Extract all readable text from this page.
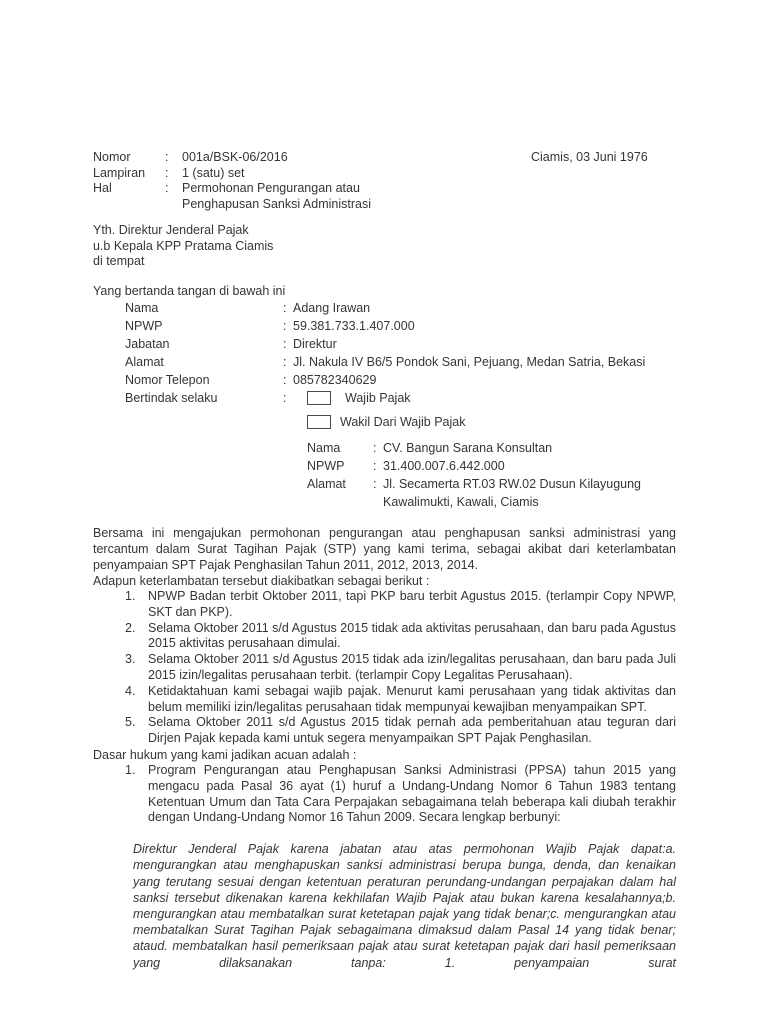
Ciamis, 03 Juni 1976
Nomor	:	001a/BSK-06/2016
Lampiran	:	1 (satu) set
Hal	:	Permohonan Pengurangan atau
Penghapusan Sanksi Administrasi
Yth. Direktur Jenderal Pajak
u.b Kepala KPP Pratama Ciamis
di tempat
Yang bertanda tangan di bawah ini
Nama	: Adang Irawan
NPWP	: 59.381.733.1.407.000
Jabatan	: Direktur
Alamat	: Jl. Nakula IV B6/5 Pondok Sani, Pejuang, Medan Satria, Bekasi
Nomor Telepon	: 085782340629
Bertindak selaku	:	Wajib Pajak
Wakil Dari Wajib Pajak
Nama	: CV. Bangun Sarana Konsultan
NPWP	: 31.400.007.6.442.000
Alamat	: Jl. Secamerta RT.03 RW.02 Dusun Kilayugung
Kawalimukti, Kawali, Ciamis
Bersama ini mengajukan permohonan pengurangan atau penghapusan sanksi administrasi yang tercantum dalam Surat Tagihan Pajak (STP) yang kami terima, sebagai akibat dari keterlambatan penyampaian SPT Pajak Penghasilan Tahun 2011, 2012, 2013, 2014.
Adapun keterlambatan tersebut diakibatkan sebagai berikut :
1.	NPWP Badan terbit Oktober 2011, tapi PKP baru terbit Agustus 2015. (terlampir Copy NPWP, SKT dan PKP).
2.	Selama Oktober 2011 s/d Agustus 2015 tidak ada aktivitas perusahaan, dan baru pada Agustus 2015 aktivitas perusahaan dimulai.
3.	Selama Oktober 2011 s/d Agustus 2015 tidak ada izin/legalitas perusahaan, dan baru pada Juli 2015 izin/legalitas perusahaan terbit. (terlampir Copy Legalitas Perusahaan).
4.	Ketidaktahuan kami sebagai wajib pajak. Menurut kami perusahaan yang tidak aktivitas dan belum memiliki izin/legalitas perusahaan tidak mempunyai kewajiban menyampaikan SPT.
5.	Selama Oktober 2011 s/d Agustus 2015 tidak pernah ada pemberitahuan atau teguran dari Dirjen Pajak kepada kami untuk segera menyampaikan SPT Pajak Penghasilan.
Dasar hukum yang kami jadikan acuan adalah :
1.	Program Pengurangan atau Penghapusan Sanksi Administrasi (PPSA) tahun 2015 yang mengacu pada Pasal 36 ayat (1) huruf a Undang-Undang Nomor 6 Tahun 1983 tentang Ketentuan Umum dan Tata Cara Perpajakan sebagaimana telah beberapa kali diubah terakhir dengan Undang-Undang Nomor 16 Tahun 2009. Secara lengkap berbunyi:
Direktur Jenderal Pajak karena jabatan atau atas permohonan Wajib Pajak dapat:a. mengurangkan atau menghapuskan sanksi administrasi berupa bunga, denda, dan kenaikan yang terutang sesuai dengan ketentuan peraturan perundang-undangan perpajakan dalam hal sanksi tersebut dikenakan karena kekhilafan Wajib Pajak atau bukan karena kesalahannya;b. mengurangkan atau membatalkan surat ketetapan pajak yang tidak benar;c. mengurangkan atau membatalkan Surat Tagihan Pajak sebagaimana dimaksud dalam Pasal 14 yang tidak benar; ataud. membatalkan hasil pemeriksaan pajak atau surat ketetapan pajak dari hasil pemeriksaan yang dilaksanakan tanpa: 1. penyampaian surat
